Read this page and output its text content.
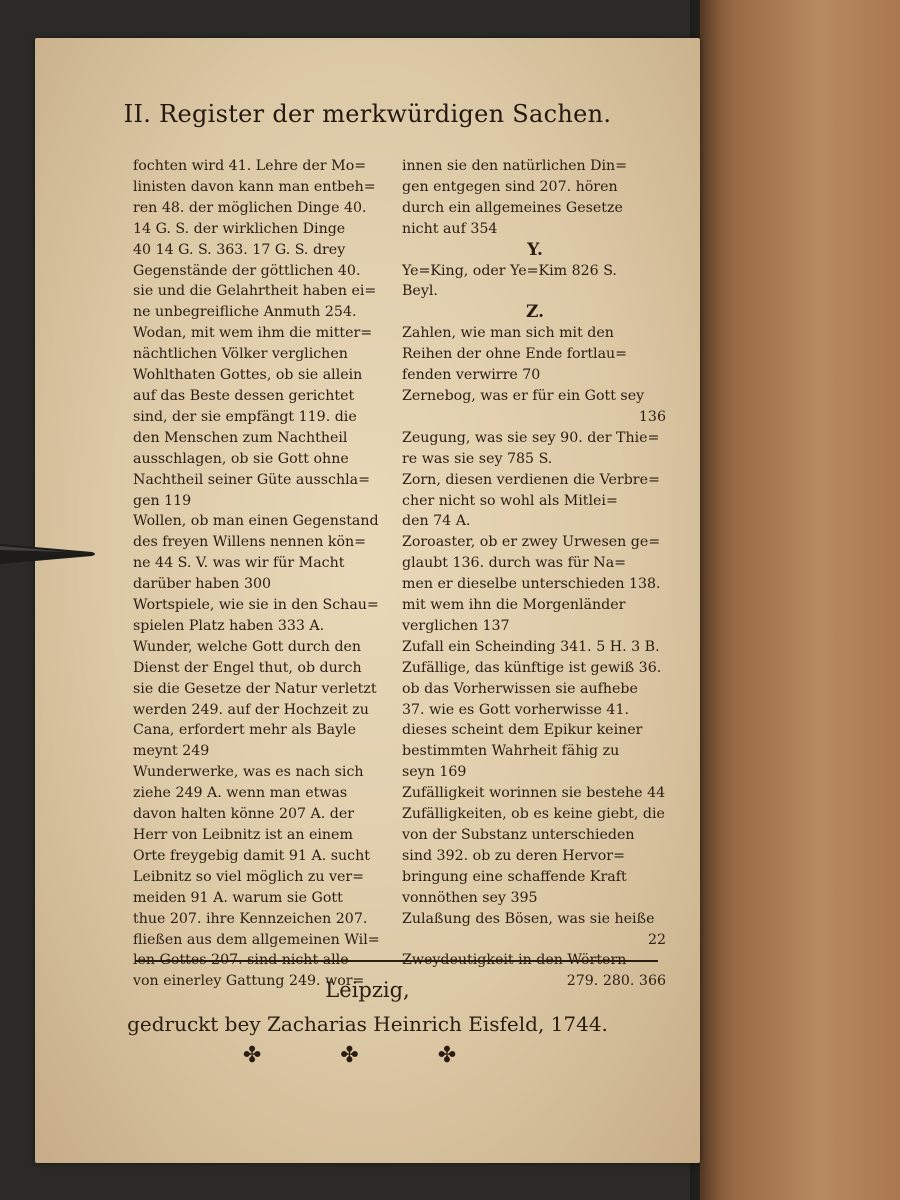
II. Register der merkwürdigen Sachen.
fochten wird 41. Lehre der Mo=
linisten davon kann man entbeh=
ren 48. der möglichen Dinge 40.
14 G. S. der wirklichen Dinge
40 14 G. S. 363. 17 G. S. drey
Gegenstände der göttlichen 40.
sie und die Gelahrtheit haben ei=
ne unbegreifliche Anmuth 254.
Wodan, mit wem ihm die mitter=
nächtlichen Völker verglichen
Wohlthaten Gottes, ob sie allein
auf das Beste dessen gerichtet
sind, der sie empfängt 119. die
den Menschen zum Nachtheil
ausschlagen, ob sie Gott ohne
Nachtheil seiner Güte ausschla=
gen 119
Wollen, ob man einen Gegenstand
des freyen Willens nennen kön=
ne 44 S. V. was wir für Macht
darüber haben 300
Wortspiele, wie sie in den Schau=
spielen Platz haben 333 A.
Wunder, welche Gott durch den
Dienst der Engel thut, ob durch
sie die Gesetze der Natur verletzt
werden 249. auf der Hochzeit zu
Cana, erfordert mehr als Bayle
meynt 249
Wunderwerke, was es nach sich
ziehe 249 A. wenn man etwas
davon halten könne 207 A. der
Herr von Leibnitz ist an einem
Orte freygebig damit 91 A. sucht
Leibnitz so viel möglich zu ver=
meiden 91 A. warum sie Gott
thue 207. ihre Kennzeichen 207.
fließen aus dem allgemeinen Wil=
len Gottes 207. sind nicht alle
von einerley Gattung 249. wor=
innen sie den natürlichen Din=
gen entgegen sind 207. hören
durch ein allgemeines Gesetze
nicht auf 354
Y.
Ye=King, oder Ye=Kim 826 S.
Beyl.
Z.
Zahlen, wie man sich mit den
Reihen der ohne Ende fortlau=
fenden verwirre 70
Zernebog, was er für ein Gott sey
136
Zeugung, was sie sey 90. der Thie=
re was sie sey 785 S.
Zorn, diesen verdienen die Verbre=
cher nicht so wohl als Mitlei=
den 74 A.
Zoroaster, ob er zwey Urwesen ge=
glaubt 136. durch was für Na=
men er dieselbe unterschieden 138.
mit wem ihn die Morgenländer
verglichen 137
Zufall ein Scheinding 341. 5 H. 3 B.
Zufällige, das künftige ist gewiß 36.
ob das Vorherwissen sie aufhebe
37. wie es Gott vorherwisse 41.
dieses scheint dem Epikur keiner
bestimmten Wahrheit fähig zu
seyn 169
Zufälligkeit worinnen sie bestehe 44
Zufälligkeiten, ob es keine giebt, die
von der Substanz unterschieden
sind 392. ob zu deren Hervor=
bringung eine schaffende Kraft
vonnöthen sey 395
Zulaßung des Bösen, was sie heiße
22
Zweydeutigkeit in den Wörtern
279. 280. 366
Leipzig,
gedruckt bey Zacharias Heinrich Eisfeld, 1744.
✤ ✤ ✤
